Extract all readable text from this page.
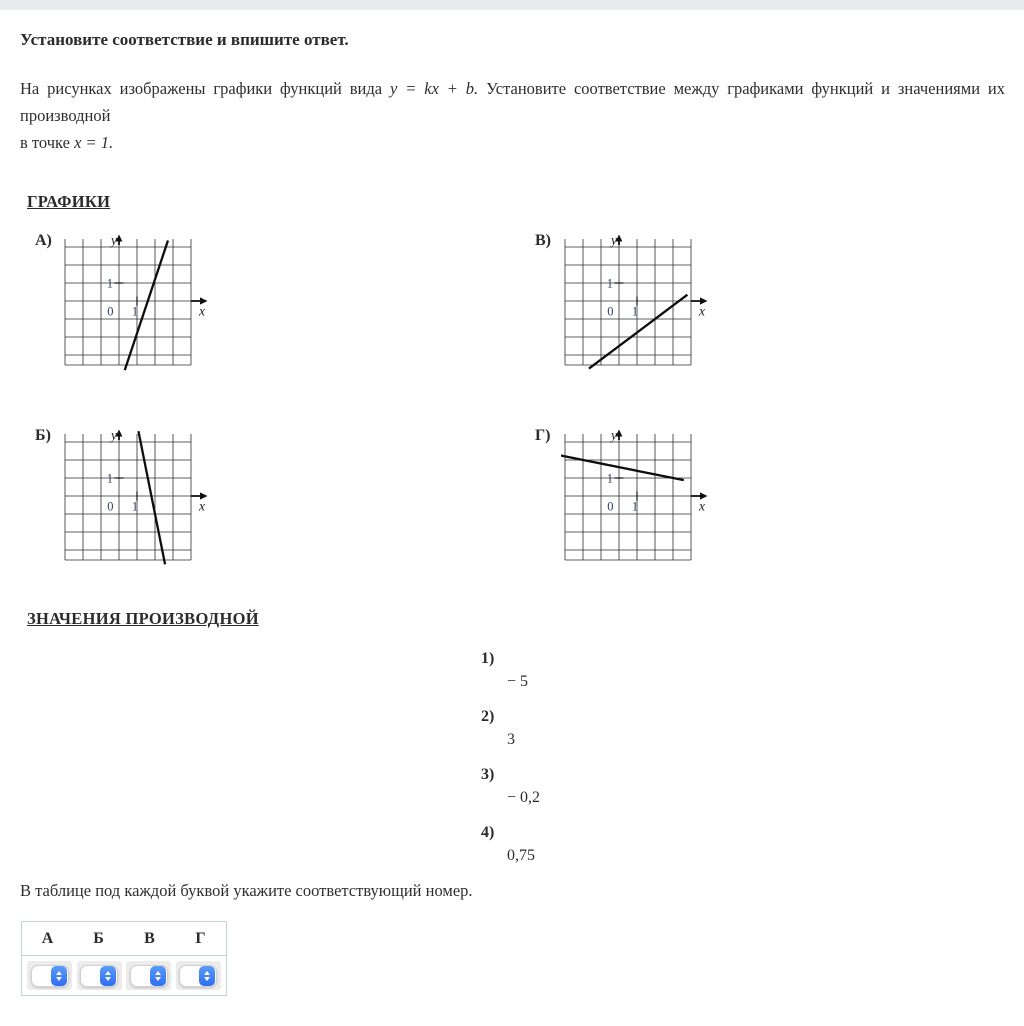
Установите соответствие и впишите ответ.

На рисунках изображены графики функций вида y = kx + b. Установите соответствие между графиками функций и значениями их производной
в точке x = 1.

ГРАФИКИ
А)	y
x
1
0 1
В)	y
x
1
0 1
Б)	y
x
1
0 1
Г)	y
x
1
0 1
ЗНАЧЕНИЯ ПРОИЗВОДНОЙ
1)
− 5
2)
3
3)
− 0,2
4)
0,75
В таблице под каждой буквой укажите соответствующий номер.
А	Б	В	Г
